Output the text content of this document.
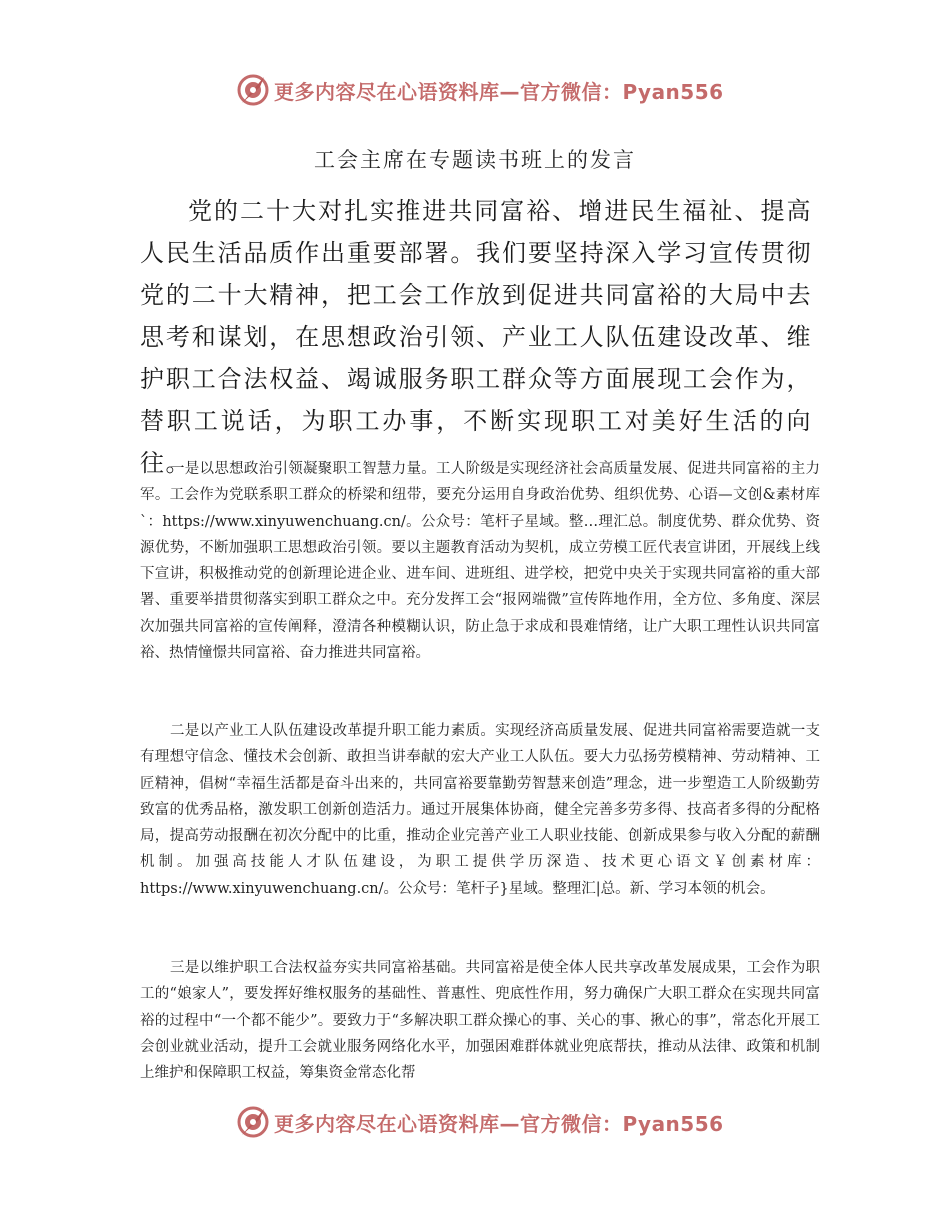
更多内容尽在心语资料库—官方微信：Pyan556
工会主席在专题读书班上的发言

党的二十大对扎实推进共同富裕、增进民生福祉、提高人民生活品质作出重要部署。我们要坚持深入学习宣传贯彻党的二十大精神，把工会工作放到促进共同富裕的大局中去思考和谋划，在思想政治引领、产业工人队伍建设改革、维护职工合法权益、竭诚服务职工群众等方面展现工会作为，替职工说话，为职工办事，不断实现职工对美好生活的向往。

一是以思想政治引领凝聚职工智慧力量。工人阶级是实现经济社会高质量发展、促进共同富裕的主力军。工会作为党联系职工群众的桥梁和纽带，要充分运用自身政治优势、组织优势、心语—文创&素材库`：https://www.xinyuwenchuang.cn/。公众号：笔杆子星域。整…理汇总。制度优势、群众优势、资源优势，不断加强职工思想政治引领。要以主题教育活动为契机，成立劳模工匠代表宣讲团，开展线上线下宣讲，积极推动党的创新理论进企业、进车间、进班组、进学校，把党中央关于实现共同富裕的重大部署、重要举措贯彻落实到职工群众之中。充分发挥工会“报网端微”宣传阵地作用，全方位、多角度、深层次加强共同富裕的宣传阐释，澄清各种模糊认识，防止急于求成和畏难情绪，让广大职工理性认识共同富裕、热情憧憬共同富裕、奋力推进共同富裕。

二是以产业工人队伍建设改革提升职工能力素质。实现经济高质量发展、促进共同富裕需要造就一支有理想守信念、懂技术会创新、敢担当讲奉献的宏大产业工人队伍。要大力弘扬劳模精神、劳动精神、工匠精神，倡树“幸福生活都是奋斗出来的，共同富裕要靠勤劳智慧来创造”理念，进一步塑造工人阶级勤劳致富的优秀品格，激发职工创新创造活力。通过开展集体协商，健全完善多劳多得、技高者多得的分配格局，提高劳动报酬在初次分配中的比重，推动企业完善产业工人职业技能、创新成果参与收入分配的薪酬机制。加强高技能人才队伍建设，为职工提供学历深造、技术更心语文￥创素材库：https://www.xinyuwenchuang.cn/。公众号：笔杆子}星域。整理汇|总。新、学习本领的机会。

三是以维护职工合法权益夯实共同富裕基础。共同富裕是使全体人民共享改革发展成果，工会作为职工的“娘家人”，要发挥好维权服务的基础性、普惠性、兜底性作用，努力确保广大职工群众在实现共同富裕的过程中“一个都不能少”。要致力于“多解决职工群众操心的事、关心的事、揪心的事”，常态化开展工会创业就业活动，提升工会就业服务网络化水平，加强困难群体就业兜底帮扶，推动从法律、政策和机制上维护和保障职工权益，筹集资金常态化帮

更多内容尽在心语资料库—官方微信：Pyan556
